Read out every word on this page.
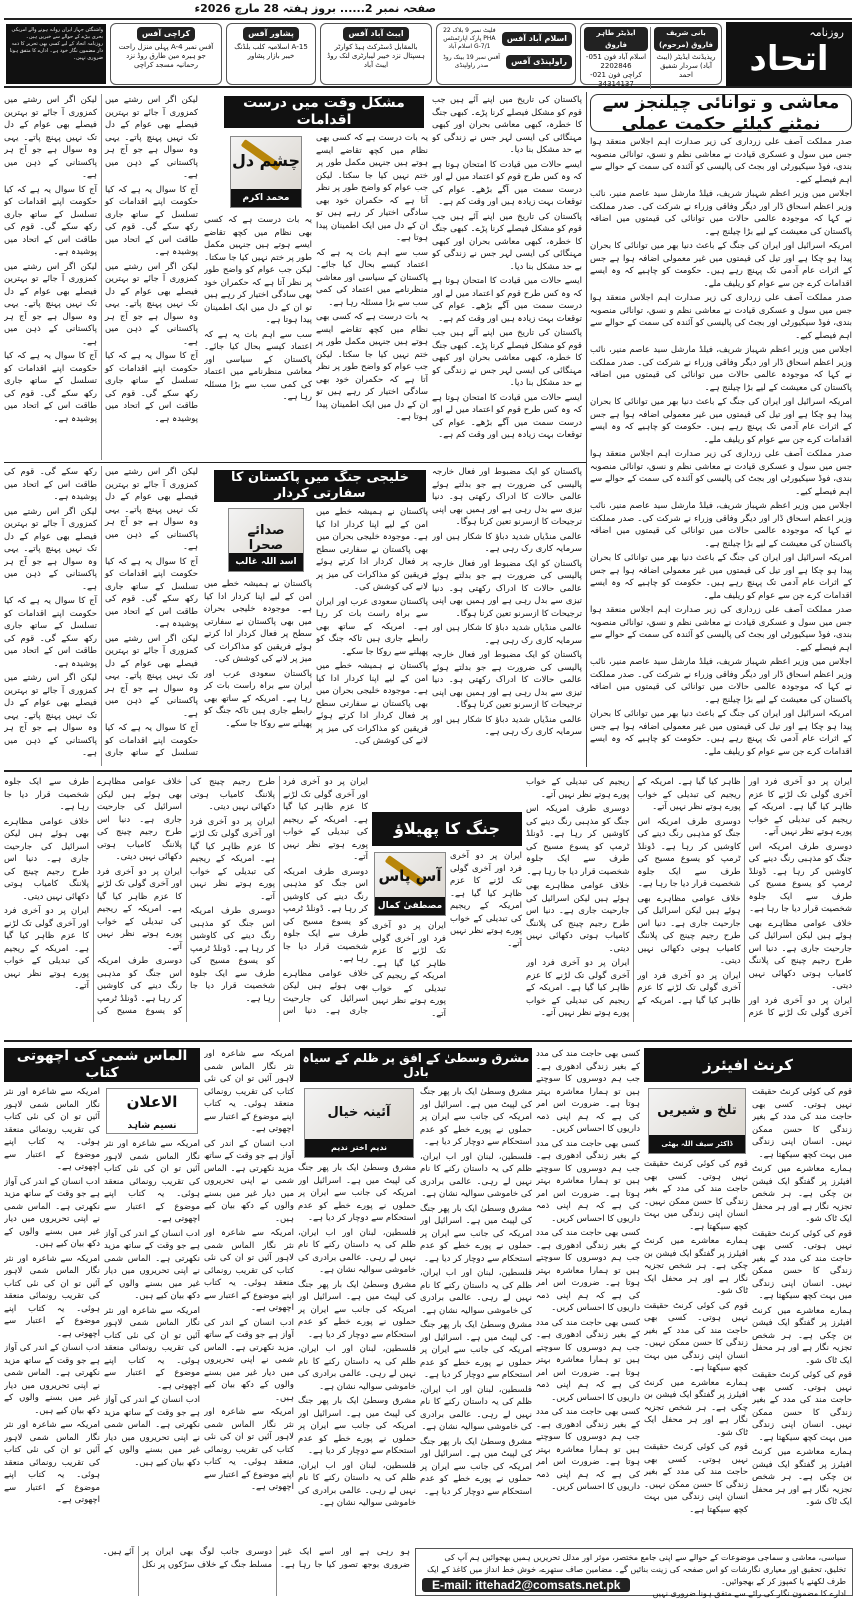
صفحہ نمبر 2...... بروز ہفتہ 28 مارچ 2026ء
روزنامہ
اتحاد
بانی شریف فاروق (مرحوم)
ریذیڈنٹ ایڈیٹر (ایبٹ آباد) سردار شفیق احمد
ایڈیٹر طاہر فاروق
اسلام آباد فون 051-2202846
کراچی فون 021-34314137
اسلام آباد آفس
فلیٹ نمبر 9 بلاک 22 PHA پارک اپارٹمنٹس G-7/1 اسلام آباد
راولپنڈی آفس
آفس نمبر 19 بینک روڈ صدر راولپنڈی
ایبٹ آباد آفس
بالمقابل ڈسٹرکٹ ہیڈ کوارٹر ہسپتال نزد خیبر لیبارٹری لنک روڈ ایبٹ آباد
پشاور آفس
15-A اسلامیہ کلب بلڈنگ خیبر بازار پشاور
کراچی آفس
آفس نمبر A-4 پہلی منزل راحت جو ہیرہ مین طارق روڈ نزد رحمانیہ مسجد کراچی
واشنگٹن جہاز ایران روانہ ہونے والے امریکی بحری بیڑے کے حوالے سے خبریں ہیں۔ روزنامہ اتحاد کے لیے کسی بھی تحریر کا ذمہ دار مضمون نگار خود ہے۔ ادارے کا متفق ہونا ضروری نہیں۔
معاشی و توانائی چیلنجز سے نمٹنے کیلئے حکمت عملی

صدر مملکت آصف علی زرداری کی زیر صدارت اہم اجلاس منعقد ہوا جس میں سول و عسکری قیادت نے معاشی نظم و نسق، توانائی منصوبہ بندی، فوڈ سیکیورٹی اور بجٹ کی پالیسی کو آئندہ کی سمت کے حوالے سے اہم فیصلے کیے۔

اجلاس میں وزیر اعظم شہباز شریف، فیلڈ مارشل سید عاصم منیر، نائب وزیر اعظم اسحاق ڈار اور دیگر وفاقی وزراء نے شرکت کی۔ صدر مملکت نے کہا کہ موجودہ عالمی حالات میں توانائی کی قیمتوں میں اضافہ پاکستان کی معیشت کے لیے بڑا چیلنج ہے۔

امریکہ اسرائیل اور ایران کی جنگ کے باعث دنیا بھر میں توانائی کا بحران پیدا ہو چکا ہے اور تیل کی قیمتوں میں غیر معمولی اضافہ ہوا ہے جس کے اثرات عام آدمی تک پہنچ رہے ہیں۔ حکومت کو چاہیے کہ وہ ایسے اقدامات کرے جن سے عوام کو ریلیف ملے۔

صدر مملکت آصف علی زرداری کی زیر صدارت اہم اجلاس منعقد ہوا جس میں سول و عسکری قیادت نے معاشی نظم و نسق، توانائی منصوبہ بندی، فوڈ سیکیورٹی اور بجٹ کی پالیسی کو آئندہ کی سمت کے حوالے سے اہم فیصلے کیے۔

اجلاس میں وزیر اعظم شہباز شریف، فیلڈ مارشل سید عاصم منیر، نائب وزیر اعظم اسحاق ڈار اور دیگر وفاقی وزراء نے شرکت کی۔ صدر مملکت نے کہا کہ موجودہ عالمی حالات میں توانائی کی قیمتوں میں اضافہ پاکستان کی معیشت کے لیے بڑا چیلنج ہے۔

امریکہ اسرائیل اور ایران کی جنگ کے باعث دنیا بھر میں توانائی کا بحران پیدا ہو چکا ہے اور تیل کی قیمتوں میں غیر معمولی اضافہ ہوا ہے جس کے اثرات عام آدمی تک پہنچ رہے ہیں۔ حکومت کو چاہیے کہ وہ ایسے اقدامات کرے جن سے عوام کو ریلیف ملے۔

صدر مملکت آصف علی زرداری کی زیر صدارت اہم اجلاس منعقد ہوا جس میں سول و عسکری قیادت نے معاشی نظم و نسق، توانائی منصوبہ بندی، فوڈ سیکیورٹی اور بجٹ کی پالیسی کو آئندہ کی سمت کے حوالے سے اہم فیصلے کیے۔

اجلاس میں وزیر اعظم شہباز شریف، فیلڈ مارشل سید عاصم منیر، نائب وزیر اعظم اسحاق ڈار اور دیگر وفاقی وزراء نے شرکت کی۔ صدر مملکت نے کہا کہ موجودہ عالمی حالات میں توانائی کی قیمتوں میں اضافہ پاکستان کی معیشت کے لیے بڑا چیلنج ہے۔

امریکہ اسرائیل اور ایران کی جنگ کے باعث دنیا بھر میں توانائی کا بحران پیدا ہو چکا ہے اور تیل کی قیمتوں میں غیر معمولی اضافہ ہوا ہے جس کے اثرات عام آدمی تک پہنچ رہے ہیں۔ حکومت کو چاہیے کہ وہ ایسے اقدامات کرے جن سے عوام کو ریلیف ملے۔

صدر مملکت آصف علی زرداری کی زیر صدارت اہم اجلاس منعقد ہوا جس میں سول و عسکری قیادت نے معاشی نظم و نسق، توانائی منصوبہ بندی، فوڈ سیکیورٹی اور بجٹ کی پالیسی کو آئندہ کی سمت کے حوالے سے اہم فیصلے کیے۔

اجلاس میں وزیر اعظم شہباز شریف، فیلڈ مارشل سید عاصم منیر، نائب وزیر اعظم اسحاق ڈار اور دیگر وفاقی وزراء نے شرکت کی۔ صدر مملکت نے کہا کہ موجودہ عالمی حالات میں توانائی کی قیمتوں میں اضافہ پاکستان کی معیشت کے لیے بڑا چیلنج ہے۔

امریکہ اسرائیل اور ایران کی جنگ کے باعث دنیا بھر میں توانائی کا بحران پیدا ہو چکا ہے اور تیل کی قیمتوں میں غیر معمولی اضافہ ہوا ہے جس کے اثرات عام آدمی تک پہنچ رہے ہیں۔ حکومت کو چاہیے کہ وہ ایسے اقدامات کرے جن سے عوام کو ریلیف ملے۔

پاکستان کی تاریخ میں اپنے آئے ہیں جب قوم کو مشکل فیصلے کرنا پڑے۔ کبھی جنگ کا خطرہ، کبھی معاشی بحران اور کبھی مہنگائی کی ایسی لہر جس نے زندگی کو بے حد مشکل بنا دیا۔

ایسے حالات میں قیادت کا امتحان ہوتا ہے کہ وہ کس طرح قوم کو اعتماد میں لے اور درست سمت میں آگے بڑھے۔ عوام کی توقعات بہت زیادہ ہیں اور وقت کم ہے۔

پاکستان کی تاریخ میں اپنے آئے ہیں جب قوم کو مشکل فیصلے کرنا پڑے۔ کبھی جنگ کا خطرہ، کبھی معاشی بحران اور کبھی مہنگائی کی ایسی لہر جس نے زندگی کو بے حد مشکل بنا دیا۔

ایسے حالات میں قیادت کا امتحان ہوتا ہے کہ وہ کس طرح قوم کو اعتماد میں لے اور درست سمت میں آگے بڑھے۔ عوام کی توقعات بہت زیادہ ہیں اور وقت کم ہے۔

پاکستان کی تاریخ میں اپنے آئے ہیں جب قوم کو مشکل فیصلے کرنا پڑے۔ کبھی جنگ کا خطرہ، کبھی معاشی بحران اور کبھی مہنگائی کی ایسی لہر جس نے زندگی کو بے حد مشکل بنا دیا۔

ایسے حالات میں قیادت کا امتحان ہوتا ہے کہ وہ کس طرح قوم کو اعتماد میں لے اور درست سمت میں آگے بڑھے۔ عوام کی توقعات بہت زیادہ ہیں اور وقت کم ہے۔

مشکل وقت میں درست اقدامات

یہ بات درست ہے کہ کسی بھی نظام میں کچھ تقاضے ایسے ہوتے ہیں جنہیں مکمل طور پر ختم نہیں کیا جا سکتا۔ لیکن جب عوام کو واضح طور پر نظر آتا ہے کہ حکمران خود بھی سادگی اختیار کر رہے ہیں تو ان کے دل میں ایک اطمینان پیدا ہوتا ہے۔

سب سے اہم بات یہ ہے کہ اعتماد کیسے بحال کیا جائے۔ پاکستان کے سیاسی اور معاشی منظرنامے میں اعتماد کی کمی سب سے بڑا مسئلہ رہا ہے۔

یہ بات درست ہے کہ کسی بھی نظام میں کچھ تقاضے ایسے ہوتے ہیں جنہیں مکمل طور پر ختم نہیں کیا جا سکتا۔ لیکن جب عوام کو واضح طور پر نظر آتا ہے کہ حکمران خود بھی سادگی اختیار کر رہے ہیں تو ان کے دل میں ایک اطمینان پیدا ہوتا ہے۔

چشم دل
محمد اکرم

یہ بات درست ہے کہ کسی بھی نظام میں کچھ تقاضے ایسے ہوتے ہیں جنہیں مکمل طور پر ختم نہیں کیا جا سکتا۔ لیکن جب عوام کو واضح طور پر نظر آتا ہے کہ حکمران خود بھی سادگی اختیار کر رہے ہیں تو ان کے دل میں ایک اطمینان پیدا ہوتا ہے۔

سب سے اہم بات یہ ہے کہ اعتماد کیسے بحال کیا جائے۔ پاکستان کے سیاسی اور معاشی منظرنامے میں اعتماد کی کمی سب سے بڑا مسئلہ رہا ہے۔

لیکن اگر اس رشتے میں کمزوری آ جائے تو بہترین فیصلے بھی عوام کے دل تک نہیں پہنچ پاتے۔ یہی وہ سوال ہے جو آج ہر پاکستانی کے ذہن میں ہے۔

آج کا سوال یہ ہے کہ کیا حکومت اپنے اقدامات کو تسلسل کے ساتھ جاری رکھ سکے گی۔ قوم کی طاقت اس کے اتحاد میں پوشیدہ ہے۔

لیکن اگر اس رشتے میں کمزوری آ جائے تو بہترین فیصلے بھی عوام کے دل تک نہیں پہنچ پاتے۔ یہی وہ سوال ہے جو آج ہر پاکستانی کے ذہن میں ہے۔

آج کا سوال یہ ہے کہ کیا حکومت اپنے اقدامات کو تسلسل کے ساتھ جاری رکھ سکے گی۔ قوم کی طاقت اس کے اتحاد میں پوشیدہ ہے۔

لیکن اگر اس رشتے میں کمزوری آ جائے تو بہترین فیصلے بھی عوام کے دل تک نہیں پہنچ پاتے۔ یہی وہ سوال ہے جو آج ہر پاکستانی کے ذہن میں ہے۔

آج کا سوال یہ ہے کہ کیا حکومت اپنے اقدامات کو تسلسل کے ساتھ جاری رکھ سکے گی۔ قوم کی طاقت اس کے اتحاد میں پوشیدہ ہے۔

لیکن اگر اس رشتے میں کمزوری آ جائے تو بہترین فیصلے بھی عوام کے دل تک نہیں پہنچ پاتے۔ یہی وہ سوال ہے جو آج ہر پاکستانی کے ذہن میں ہے۔

آج کا سوال یہ ہے کہ کیا حکومت اپنے اقدامات کو تسلسل کے ساتھ جاری رکھ سکے گی۔ قوم کی طاقت اس کے اتحاد میں پوشیدہ ہے۔

پاکستان کو ایک مضبوط اور فعال خارجہ پالیسی کی ضرورت ہے جو بدلتے ہوئے عالمی حالات کا ادراک رکھتی ہو۔ دنیا تیزی سے بدل رہی ہے اور ہمیں بھی اپنی ترجیحات کا ازسرنو تعین کرنا ہوگا۔

عالمی منڈیاں شدید دباؤ کا شکار ہیں اور سرمایہ کاری رک رہی ہے۔

پاکستان کو ایک مضبوط اور فعال خارجہ پالیسی کی ضرورت ہے جو بدلتے ہوئے عالمی حالات کا ادراک رکھتی ہو۔ دنیا تیزی سے بدل رہی ہے اور ہمیں بھی اپنی ترجیحات کا ازسرنو تعین کرنا ہوگا۔

عالمی منڈیاں شدید دباؤ کا شکار ہیں اور سرمایہ کاری رک رہی ہے۔

پاکستان کو ایک مضبوط اور فعال خارجہ پالیسی کی ضرورت ہے جو بدلتے ہوئے عالمی حالات کا ادراک رکھتی ہو۔ دنیا تیزی سے بدل رہی ہے اور ہمیں بھی اپنی ترجیحات کا ازسرنو تعین کرنا ہوگا۔

عالمی منڈیاں شدید دباؤ کا شکار ہیں اور سرمایہ کاری رک رہی ہے۔

خلیجی جنگ میں پاکستان کا سفارتی کردار

پاکستان نے ہمیشہ خطے میں امن کے لیے اپنا کردار ادا کیا ہے۔ موجودہ خلیجی بحران میں بھی پاکستان نے سفارتی سطح پر فعال کردار ادا کرتے ہوئے فریقین کو مذاکرات کی میز پر لانے کی کوشش کی۔

پاکستان سعودی عرب اور ایران سے براہ راست بات کر رہا ہے۔ امریکہ کے ساتھ بھی رابطے جاری ہیں تاکہ جنگ کو پھیلنے سے روکا جا سکے۔

پاکستان نے ہمیشہ خطے میں امن کے لیے اپنا کردار ادا کیا ہے۔ موجودہ خلیجی بحران میں بھی پاکستان نے سفارتی سطح پر فعال کردار ادا کرتے ہوئے فریقین کو مذاکرات کی میز پر لانے کی کوشش کی۔

صدائے صحرا
اسد اللہ غالب

پاکستان نے ہمیشہ خطے میں امن کے لیے اپنا کردار ادا کیا ہے۔ موجودہ خلیجی بحران میں بھی پاکستان نے سفارتی سطح پر فعال کردار ادا کرتے ہوئے فریقین کو مذاکرات کی میز پر لانے کی کوشش کی۔

پاکستان سعودی عرب اور ایران سے براہ راست بات کر رہا ہے۔ امریکہ کے ساتھ بھی رابطے جاری ہیں تاکہ جنگ کو پھیلنے سے روکا جا سکے۔

لیکن اگر اس رشتے میں کمزوری آ جائے تو بہترین فیصلے بھی عوام کے دل تک نہیں پہنچ پاتے۔ یہی وہ سوال ہے جو آج ہر پاکستانی کے ذہن میں ہے۔

آج کا سوال یہ ہے کہ کیا حکومت اپنے اقدامات کو تسلسل کے ساتھ جاری رکھ سکے گی۔ قوم کی طاقت اس کے اتحاد میں پوشیدہ ہے۔

لیکن اگر اس رشتے میں کمزوری آ جائے تو بہترین فیصلے بھی عوام کے دل تک نہیں پہنچ پاتے۔ یہی وہ سوال ہے جو آج ہر پاکستانی کے ذہن میں ہے۔

آج کا سوال یہ ہے کہ کیا حکومت اپنے اقدامات کو تسلسل کے ساتھ جاری رکھ سکے گی۔ قوم کی طاقت اس کے اتحاد میں پوشیدہ ہے۔

لیکن اگر اس رشتے میں کمزوری آ جائے تو بہترین فیصلے بھی عوام کے دل تک نہیں پہنچ پاتے۔ یہی وہ سوال ہے جو آج ہر پاکستانی کے ذہن میں ہے۔

آج کا سوال یہ ہے کہ کیا حکومت اپنے اقدامات کو تسلسل کے ساتھ جاری رکھ سکے گی۔ قوم کی طاقت اس کے اتحاد میں پوشیدہ ہے۔

لیکن اگر اس رشتے میں کمزوری آ جائے تو بہترین فیصلے بھی عوام کے دل تک نہیں پہنچ پاتے۔ یہی وہ سوال ہے جو آج ہر پاکستانی کے ذہن میں ہے۔

جنگ کا پھیلاؤ

ایران پر دو آخری فرد اور آخری گولی تک لڑنے کا عزم ظاہر کیا گیا ہے۔ امریکہ کے ریجیم کی تبدیلی کے خواب پورے ہوتے نظر نہیں آتے۔

دوسری طرف امریکہ اس جنگ کو مذہبی رنگ دینے کی کاوشیں کر رہا ہے۔ ڈونلڈ ٹرمپ کو یسوع مسیح کی طرف سے ایک جلوہ شخصیت قرار دیا جا رہا ہے۔

خلاف عوامی مظاہرے بھی ہوئے ہیں لیکن اسرائیل کی جارحیت جاری ہے۔ دنیا اس طرح رجیم چینج کی پلاننگ کامیاب ہوتی دکھائی نہیں دیتی۔

ایران پر دو آخری فرد اور آخری گولی تک لڑنے کا عزم ظاہر کیا گیا ہے۔ امریکہ کے ریجیم کی تبدیلی کے خواب پورے ہوتے نظر نہیں آتے۔

دوسری طرف امریکہ اس جنگ کو مذہبی رنگ دینے کی کاوشیں کر رہا ہے۔ ڈونلڈ ٹرمپ کو یسوع مسیح کی طرف سے ایک جلوہ شخصیت قرار دیا جا رہا ہے۔

خلاف عوامی مظاہرے بھی ہوئے ہیں لیکن اسرائیل کی جارحیت جاری ہے۔ دنیا اس طرح رجیم چینج کی پلاننگ کامیاب ہوتی دکھائی نہیں دیتی۔

ایران پر دو آخری فرد اور آخری گولی تک لڑنے کا عزم ظاہر کیا گیا ہے۔ امریکہ کے ریجیم کی تبدیلی کے خواب پورے ہوتے نظر نہیں آتے۔

دوسری طرف امریکہ اس جنگ کو مذہبی رنگ دینے کی کاوشیں کر رہا ہے۔ ڈونلڈ ٹرمپ کو یسوع مسیح کی طرف سے ایک جلوہ شخصیت قرار دیا جا رہا ہے۔

خلاف عوامی مظاہرے بھی ہوئے ہیں لیکن اسرائیل کی جارحیت جاری ہے۔ دنیا اس طرح رجیم چینج کی پلاننگ کامیاب ہوتی دکھائی نہیں دیتی۔

ایران پر دو آخری فرد اور آخری گولی تک لڑنے کا عزم ظاہر کیا گیا ہے۔ امریکہ کے ریجیم کی تبدیلی کے خواب پورے ہوتے نظر نہیں آتے۔

ایران پر دو آخری فرد اور آخری گولی تک لڑنے کا عزم ظاہر کیا گیا ہے۔ امریکہ کے ریجیم کی تبدیلی کے خواب پورے ہوتے نظر نہیں آتے۔

آس پاس
مصطفیٰ کمال

ایران پر دو آخری فرد اور آخری گولی تک لڑنے کا عزم ظاہر کیا گیا ہے۔ امریکہ کے ریجیم کی تبدیلی کے خواب پورے ہوتے نظر نہیں آتے۔

ایران پر دو آخری فرد اور آخری گولی تک لڑنے کا عزم ظاہر کیا گیا ہے۔ امریکہ کے ریجیم کی تبدیلی کے خواب پورے ہوتے نظر نہیں آتے۔

دوسری طرف امریکہ اس جنگ کو مذہبی رنگ دینے کی کاوشیں کر رہا ہے۔ ڈونلڈ ٹرمپ کو یسوع مسیح کی طرف سے ایک جلوہ شخصیت قرار دیا جا رہا ہے۔

خلاف عوامی مظاہرے بھی ہوئے ہیں لیکن اسرائیل کی جارحیت جاری ہے۔ دنیا اس طرح رجیم چینج کی پلاننگ کامیاب ہوتی دکھائی نہیں دیتی۔

ایران پر دو آخری فرد اور آخری گولی تک لڑنے کا عزم ظاہر کیا گیا ہے۔ امریکہ کے ریجیم کی تبدیلی کے خواب پورے ہوتے نظر نہیں آتے۔

دوسری طرف امریکہ اس جنگ کو مذہبی رنگ دینے کی کاوشیں کر رہا ہے۔ ڈونلڈ ٹرمپ کو یسوع مسیح کی طرف سے ایک جلوہ شخصیت قرار دیا جا رہا ہے۔

خلاف عوامی مظاہرے بھی ہوئے ہیں لیکن اسرائیل کی جارحیت جاری ہے۔ دنیا اس طرح رجیم چینج کی پلاننگ کامیاب ہوتی دکھائی نہیں دیتی۔

ایران پر دو آخری فرد اور آخری گولی تک لڑنے کا عزم ظاہر کیا گیا ہے۔ امریکہ کے ریجیم کی تبدیلی کے خواب پورے ہوتے نظر نہیں آتے۔

دوسری طرف امریکہ اس جنگ کو مذہبی رنگ دینے کی کاوشیں کر رہا ہے۔ ڈونلڈ ٹرمپ کو یسوع مسیح کی طرف سے ایک جلوہ شخصیت قرار دیا جا رہا ہے۔

خلاف عوامی مظاہرے بھی ہوئے ہیں لیکن اسرائیل کی جارحیت جاری ہے۔ دنیا اس طرح رجیم چینج کی پلاننگ کامیاب ہوتی دکھائی نہیں دیتی۔

ایران پر دو آخری فرد اور آخری گولی تک لڑنے کا عزم ظاہر کیا گیا ہے۔ امریکہ کے ریجیم کی تبدیلی کے خواب پورے ہوتے نظر نہیں آتے۔

کرنٹ افیئرز

قوم کی کوئی کرنٹ حقیقت نہیں ہوتی۔ کسی بھی حاجت مند کی مدد کے بغیر زندگی کا حسن ممکن نہیں۔ انسان اپنی زندگی میں بہت کچھ سیکھتا ہے۔

ہمارے معاشرے میں کرنٹ افیئرز پر گفتگو ایک فیشن بن چکی ہے۔ ہر شخص تجزیہ نگار ہے اور ہر محفل ایک ٹاک شو۔

قوم کی کوئی کرنٹ حقیقت نہیں ہوتی۔ کسی بھی حاجت مند کی مدد کے بغیر زندگی کا حسن ممکن نہیں۔ انسان اپنی زندگی میں بہت کچھ سیکھتا ہے۔

ہمارے معاشرے میں کرنٹ افیئرز پر گفتگو ایک فیشن بن چکی ہے۔ ہر شخص تجزیہ نگار ہے اور ہر محفل ایک ٹاک شو۔

قوم کی کوئی کرنٹ حقیقت نہیں ہوتی۔ کسی بھی حاجت مند کی مدد کے بغیر زندگی کا حسن ممکن نہیں۔ انسان اپنی زندگی میں بہت کچھ سیکھتا ہے۔

ہمارے معاشرے میں کرنٹ افیئرز پر گفتگو ایک فیشن بن چکی ہے۔ ہر شخص تجزیہ نگار ہے اور ہر محفل ایک ٹاک شو۔

تلخ و شیریں
ڈاکٹر سیف اللہ بھٹی

قوم کی کوئی کرنٹ حقیقت نہیں ہوتی۔ کسی بھی حاجت مند کی مدد کے بغیر زندگی کا حسن ممکن نہیں۔ انسان اپنی زندگی میں بہت کچھ سیکھتا ہے۔

ہمارے معاشرے میں کرنٹ افیئرز پر گفتگو ایک فیشن بن چکی ہے۔ ہر شخص تجزیہ نگار ہے اور ہر محفل ایک ٹاک شو۔

قوم کی کوئی کرنٹ حقیقت نہیں ہوتی۔ کسی بھی حاجت مند کی مدد کے بغیر زندگی کا حسن ممکن نہیں۔ انسان اپنی زندگی میں بہت کچھ سیکھتا ہے۔

ہمارے معاشرے میں کرنٹ افیئرز پر گفتگو ایک فیشن بن چکی ہے۔ ہر شخص تجزیہ نگار ہے اور ہر محفل ایک ٹاک شو۔

قوم کی کوئی کرنٹ حقیقت نہیں ہوتی۔ کسی بھی حاجت مند کی مدد کے بغیر زندگی کا حسن ممکن نہیں۔ انسان اپنی زندگی میں بہت کچھ سیکھتا ہے۔

کسی بھی حاجت مند کی مدد کے بغیر زندگی ادھوری ہے۔ جب ہم دوسروں کا سوچتے ہیں تو ہمارا معاشرہ بہتر ہوتا ہے۔ ضرورت اس امر کی ہے کہ ہم اپنی ذمہ داریوں کا احساس کریں۔

کسی بھی حاجت مند کی مدد کے بغیر زندگی ادھوری ہے۔ جب ہم دوسروں کا سوچتے ہیں تو ہمارا معاشرہ بہتر ہوتا ہے۔ ضرورت اس امر کی ہے کہ ہم اپنی ذمہ داریوں کا احساس کریں۔

کسی بھی حاجت مند کی مدد کے بغیر زندگی ادھوری ہے۔ جب ہم دوسروں کا سوچتے ہیں تو ہمارا معاشرہ بہتر ہوتا ہے۔ ضرورت اس امر کی ہے کہ ہم اپنی ذمہ داریوں کا احساس کریں۔

کسی بھی حاجت مند کی مدد کے بغیر زندگی ادھوری ہے۔ جب ہم دوسروں کا سوچتے ہیں تو ہمارا معاشرہ بہتر ہوتا ہے۔ ضرورت اس امر کی ہے کہ ہم اپنی ذمہ داریوں کا احساس کریں۔

کسی بھی حاجت مند کی مدد کے بغیر زندگی ادھوری ہے۔ جب ہم دوسروں کا سوچتے ہیں تو ہمارا معاشرہ بہتر ہوتا ہے۔ ضرورت اس امر کی ہے کہ ہم اپنی ذمہ داریوں کا احساس کریں۔

مشرق وسطیٰ کے افق پر ظلم کے سیاہ بادل

مشرق وسطیٰ ایک بار پھر جنگ کی لپیٹ میں ہے۔ اسرائیل اور امریکہ کی جانب سے ایران پر حملوں نے پورے خطے کو عدم استحکام سے دوچار کر دیا ہے۔

فلسطین، لبنان اور اب ایران، ظلم کی یہ داستان رکنے کا نام نہیں لے رہی۔ عالمی برادری کی خاموشی سوالیہ نشان ہے۔

مشرق وسطیٰ ایک بار پھر جنگ کی لپیٹ میں ہے۔ اسرائیل اور امریکہ کی جانب سے ایران پر حملوں نے پورے خطے کو عدم استحکام سے دوچار کر دیا ہے۔

فلسطین، لبنان اور اب ایران، ظلم کی یہ داستان رکنے کا نام نہیں لے رہی۔ عالمی برادری کی خاموشی سوالیہ نشان ہے۔

مشرق وسطیٰ ایک بار پھر جنگ کی لپیٹ میں ہے۔ اسرائیل اور امریکہ کی جانب سے ایران پر حملوں نے پورے خطے کو عدم استحکام سے دوچار کر دیا ہے۔

فلسطین، لبنان اور اب ایران، ظلم کی یہ داستان رکنے کا نام نہیں لے رہی۔ عالمی برادری کی خاموشی سوالیہ نشان ہے۔

مشرق وسطیٰ ایک بار پھر جنگ کی لپیٹ میں ہے۔ اسرائیل اور امریکہ کی جانب سے ایران پر حملوں نے پورے خطے کو عدم استحکام سے دوچار کر دیا ہے۔

آئینہ خیال
ندیم اختر ندیم

مشرق وسطیٰ ایک بار پھر جنگ کی لپیٹ میں ہے۔ اسرائیل اور امریکہ کی جانب سے ایران پر حملوں نے پورے خطے کو عدم استحکام سے دوچار کر دیا ہے۔

فلسطین، لبنان اور اب ایران، ظلم کی یہ داستان رکنے کا نام نہیں لے رہی۔ عالمی برادری کی خاموشی سوالیہ نشان ہے۔

مشرق وسطیٰ ایک بار پھر جنگ کی لپیٹ میں ہے۔ اسرائیل اور امریکہ کی جانب سے ایران پر حملوں نے پورے خطے کو عدم استحکام سے دوچار کر دیا ہے۔

فلسطین، لبنان اور اب ایران، ظلم کی یہ داستان رکنے کا نام نہیں لے رہی۔ عالمی برادری کی خاموشی سوالیہ نشان ہے۔

مشرق وسطیٰ ایک بار پھر جنگ کی لپیٹ میں ہے۔ اسرائیل اور امریکہ کی جانب سے ایران پر حملوں نے پورے خطے کو عدم استحکام سے دوچار کر دیا ہے۔

فلسطین، لبنان اور اب ایران، ظلم کی یہ داستان رکنے کا نام نہیں لے رہی۔ عالمی برادری کی خاموشی سوالیہ نشان ہے۔

الماس شمی کی اچھوتی کتاب

امریکہ سے شاعرہ اور نثر نگار الماس شمی لاہور آئیں تو ان کی نئی کتاب کی تقریب رونمائی منعقد ہوئی۔ یہ کتاب اپنے موضوع کے اعتبار سے اچھوتی ہے۔

ادب انسان کے اندر کی آواز ہے جو وقت کے ساتھ مزید نکھرتی ہے۔ الماس شمی نے اپنی تحریروں میں دیار غیر میں بسنے والوں کے دکھ بیان کیے ہیں۔

امریکہ سے شاعرہ اور نثر نگار الماس شمی لاہور آئیں تو ان کی نئی کتاب کی تقریب رونمائی منعقد ہوئی۔ یہ کتاب اپنے موضوع کے اعتبار سے اچھوتی ہے۔

ادب انسان کے اندر کی آواز ہے جو وقت کے ساتھ مزید نکھرتی ہے۔ الماس شمی نے اپنی تحریروں میں دیار غیر میں بسنے والوں کے دکھ بیان کیے ہیں۔

امریکہ سے شاعرہ اور نثر نگار الماس شمی لاہور آئیں تو ان کی نئی کتاب کی تقریب رونمائی منعقد ہوئی۔ یہ کتاب اپنے موضوع کے اعتبار سے اچھوتی ہے۔

الاعلان
نسیم شاہد

امریکہ سے شاعرہ اور نثر نگار الماس شمی لاہور آئیں تو ان کی نئی کتاب کی تقریب رونمائی منعقد ہوئی۔ یہ کتاب اپنے موضوع کے اعتبار سے اچھوتی ہے۔

ادب انسان کے اندر کی آواز ہے جو وقت کے ساتھ مزید نکھرتی ہے۔ الماس شمی نے اپنی تحریروں میں دیار غیر میں بسنے والوں کے دکھ بیان کیے ہیں۔

امریکہ سے شاعرہ اور نثر نگار الماس شمی لاہور آئیں تو ان کی نئی کتاب کی تقریب رونمائی منعقد ہوئی۔ یہ کتاب اپنے موضوع کے اعتبار سے اچھوتی ہے۔

ادب انسان کے اندر کی آواز ہے جو وقت کے ساتھ مزید نکھرتی ہے۔ الماس شمی نے اپنی تحریروں میں دیار غیر میں بسنے والوں کے دکھ بیان کیے ہیں۔

امریکہ سے شاعرہ اور نثر نگار الماس شمی لاہور آئیں تو ان کی نئی کتاب کی تقریب رونمائی منعقد ہوئی۔ یہ کتاب اپنے موضوع کے اعتبار سے اچھوتی ہے۔

ادب انسان کے اندر کی آواز ہے جو وقت کے ساتھ مزید نکھرتی ہے۔ الماس شمی نے اپنی تحریروں میں دیار غیر میں بسنے والوں کے دکھ بیان کیے ہیں۔

امریکہ سے شاعرہ اور نثر نگار الماس شمی لاہور آئیں تو ان کی نئی کتاب کی تقریب رونمائی منعقد ہوئی۔ یہ کتاب اپنے موضوع کے اعتبار سے اچھوتی ہے۔

ادب انسان کے اندر کی آواز ہے جو وقت کے ساتھ مزید نکھرتی ہے۔ الماس شمی نے اپنی تحریروں میں دیار غیر میں بسنے والوں کے دکھ بیان کیے ہیں۔

امریکہ سے شاعرہ اور نثر نگار الماس شمی لاہور آئیں تو ان کی نئی کتاب کی تقریب رونمائی منعقد ہوئی۔ یہ کتاب اپنے موضوع کے اعتبار سے اچھوتی ہے۔

ہو رہی ہے اور اسے ایک غیر ضروری بوجھ تصور کیا جا رہا ہے۔ دوسری جانب لوگ بھی ایران پر مسلط جنگ کے خلاف سڑکوں پر نکل آئے ہیں۔
سیاسی، معاشی و سماجی موضوعات کے حوالے سے اپنی جامع مختصر، موثر اور مدلل تحریریں ہمیں بھجوائیں ہم آپ کی تخلیق، تحقیق اور معیاری نگارشات کو اس صفحہ کی زینت بنائیں گے۔ مضامین صاف ستھرے، خوش خط انداز میں کاغذ کے ایک طرف لکھنے یا کمپوز کر کے بھجوائیں۔
ادارے کا مضمون نگار کی رائے سے متفق ہونا ضروری نہیں
E-mail: ittehad2@comsats.net.pk
